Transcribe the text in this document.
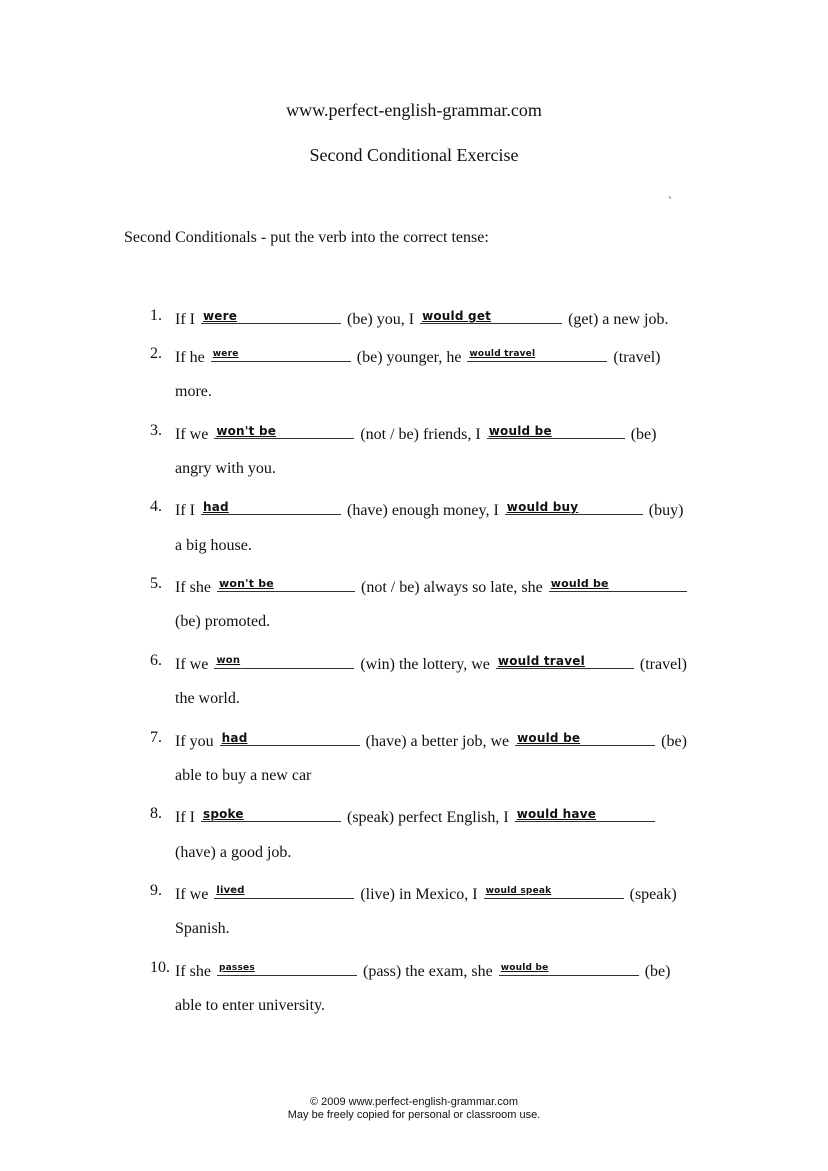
www.perfect-english-grammar.com
Second Conditional Exercise
`
Second Conditionals - put the verb into the correct tense:
1. If I were	(be) you, I would get	(get) a new job.
2. If he were	(be) younger, he would travel	(travel)
more.
3. If we won't be	(not / be) friends, I would be	(be)
angry with you.
4. If I had	(have) enough money, I would buy	(buy)
a big house.
5. If she won't be	(not / be) always so late, she would be
(be) promoted.
6. If we won	(win) the lottery, we would travel	(travel)
the world.
7. If you had	(have) a better job, we would be	(be)
able to buy a new car
8. If I spoke	(speak) perfect English, I would have
(have) a good job.
9. If we lived	(live) in Mexico, I would speak	(speak)
Spanish.
10. If she passes	(pass) the exam, she would be	(be)
able to enter university.
© 2009 www.perfect-english-grammar.com
May be freely copied for personal or classroom use.
